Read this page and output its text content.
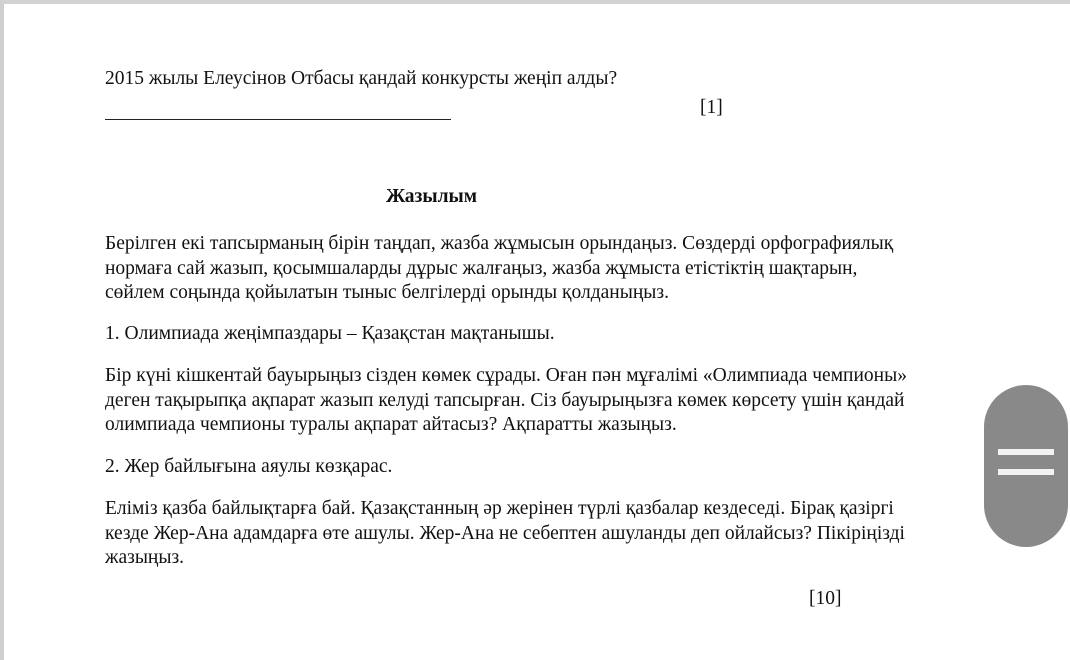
2015 жылы Елеусінов Отбасы қандай конкурсты жеңіп алды?
[1]
Жазылым

Берілген екі тапсырманың бірін таңдап, жазба жұмысын орындаңыз. Сөздерді орфографиялық
нормаға сай жазып, қосымшаларды дұрыс жалғаңыз, жазба жұмыста етістіктің шақтарын,
сөйлем соңында қойылатын тыныс белгілерді орынды қолданыңыз.

1. Олимпиада жеңімпаздары – Қазақстан мақтанышы.

Бір күні кішкентай бауырыңыз сізден көмек сұрады. Оған пән мұғалімі «Олимпиада чемпионы»
деген тақырыпқа ақпарат жазып келуді тапсырған. Сіз бауырыңызға көмек көрсету үшін қандай
олимпиада чемпионы туралы ақпарат айтасыз? Ақпаратты жазыңыз.

2. Жер байлығына аяулы көзқарас.

Еліміз қазба байлықтарға бай. Қазақстанның әр жерінен түрлі қазбалар кездеседі. Бірақ қазіргі
кезде Жер-Ана адамдарға өте ашулы. Жер-Ана не себептен ашуланды деп ойлайсыз? Пікіріңізді
жазыңыз.

[10]
